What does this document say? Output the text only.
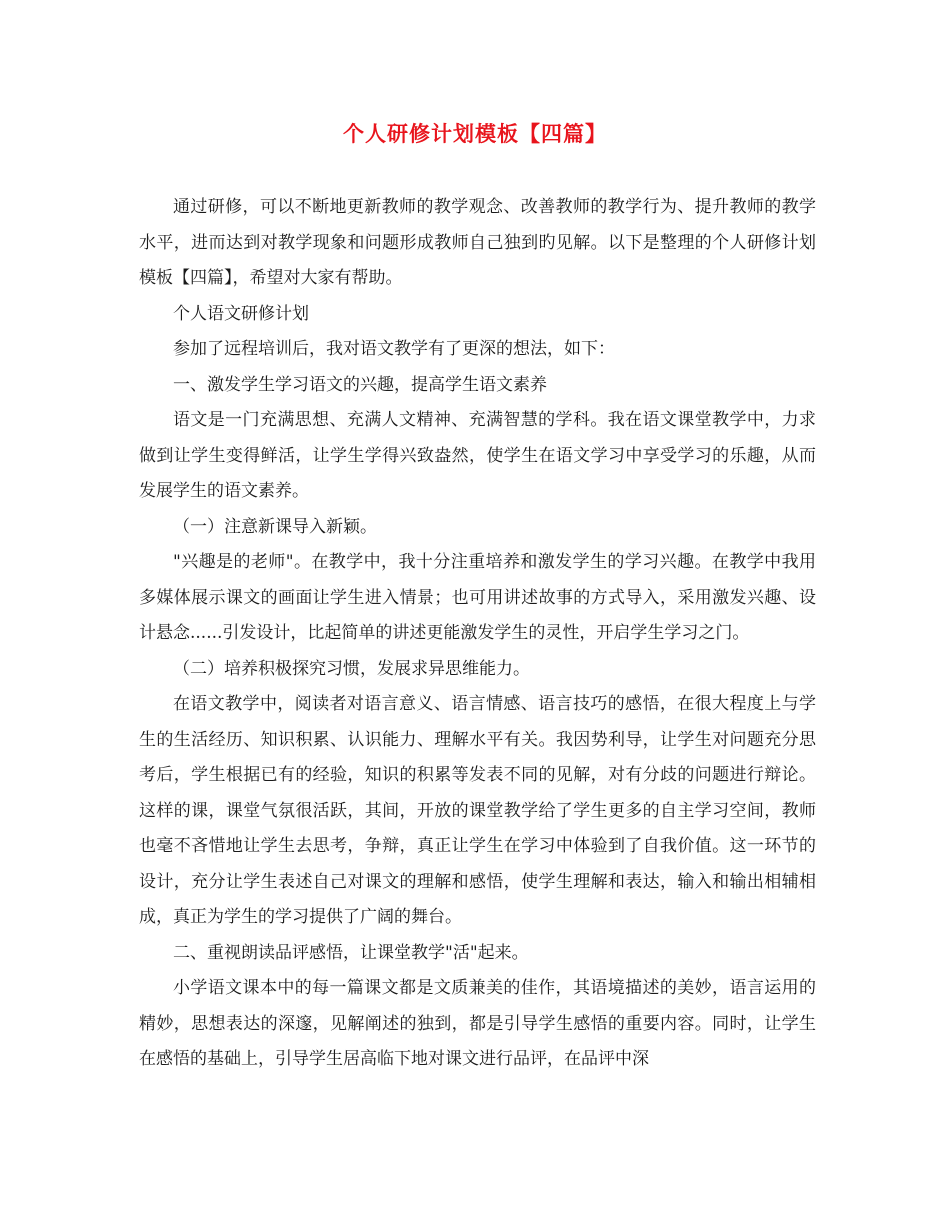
个人研修计划模板【四篇】

通过研修，可以不断地更新教师的教学观念、改善教师的教学行为、提升教师的教学水平，进而达到对教学现象和问题形成教师自己独到旳见解。以下是整理的个人研修计划模板【四篇】，希望对大家有帮助。

个人语文研修计划

参加了远程培训后，我对语文教学有了更深的想法，如下：

一、激发学生学习语文的兴趣，提高学生语文素养

语文是一门充满思想、充满人文精神、充满智慧的学科。我在语文课堂教学中，力求做到让学生变得鲜活，让学生学得兴致盎然，使学生在语文学习中享受学习的乐趣，从而发展学生的语文素养。

（一）注意新课导入新颖。

"兴趣是的老师"。在教学中，我十分注重培养和激发学生的学习兴趣。在教学中我用多媒体展示课文的画面让学生进入情景；也可用讲述故事的方式导入，采用激发兴趣、设计悬念......引发设计，比起简单的讲述更能激发学生的灵性，开启学生学习之门。

（二）培养积极探究习惯，发展求异思维能力。

在语文教学中，阅读者对语言意义、语言情感、语言技巧的感悟，在很大程度上与学生的生活经历、知识积累、认识能力、理解水平有关。我因势利导，让学生对问题充分思考后，学生根据已有的经验，知识的积累等发表不同的见解，对有分歧的问题进行辩论。这样的课，课堂气氛很活跃，其间，开放的课堂教学给了学生更多的自主学习空间，教师也毫不吝惜地让学生去思考，争辩，真正让学生在学习中体验到了自我价值。这一环节的设计，充分让学生表述自己对课文的理解和感悟，使学生理解和表达，输入和输出相辅相成，真正为学生的学习提供了广阔的舞台。

二、重视朗读品评感悟，让课堂教学"活"起来。

小学语文课本中的每一篇课文都是文质兼美的佳作，其语境描述的美妙，语言运用的精妙，思想表达的深邃，见解阐述的独到，都是引导学生感悟的重要内容。同时，让学生在感悟的基础上，引导学生居高临下地对课文进行品评，在品评中深
